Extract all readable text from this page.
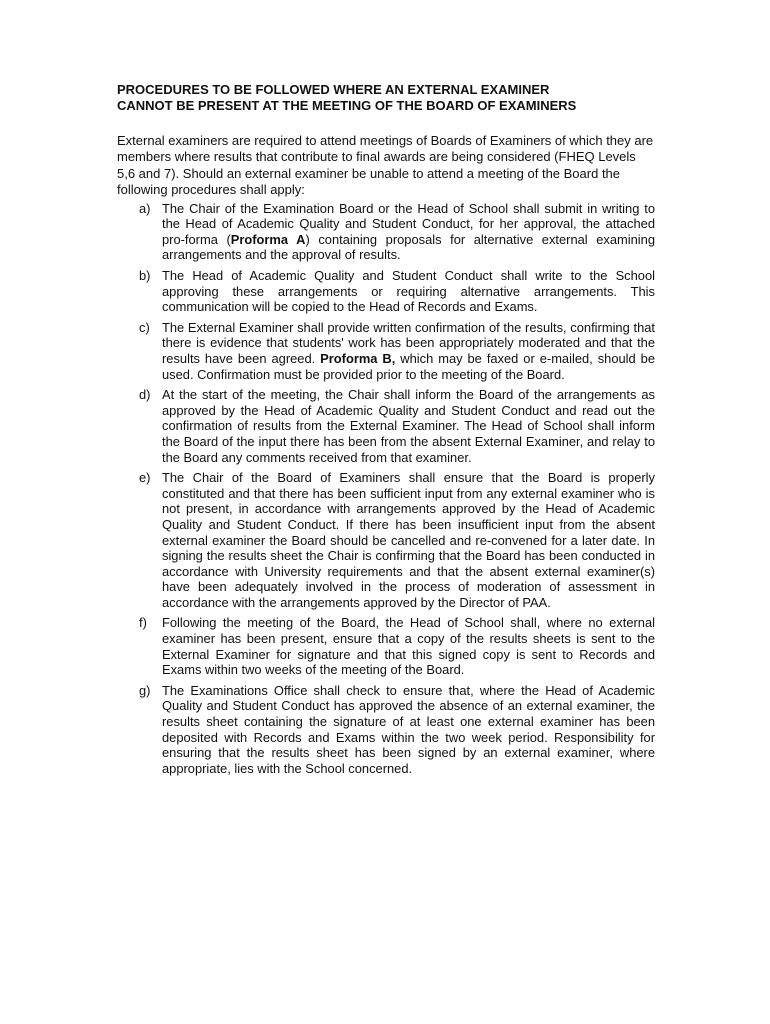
PROCEDURES TO BE FOLLOWED WHERE AN EXTERNAL EXAMINER
CANNOT BE PRESENT AT THE MEETING OF THE BOARD OF EXAMINERS

External examiners are required to attend meetings of Boards of Examiners of which they are members where results that contribute to final awards are being considered (FHEQ Levels 5,6 and 7). Should an external examiner be unable to attend a meeting of the Board the following procedures shall apply:

a) The Chair of the Examination Board or the Head of School shall submit in writing to the Head of Academic Quality and Student Conduct, for her approval, the attached pro-forma (Proforma A) containing proposals for alternative external examining arrangements and the approval of results.
b) The Head of Academic Quality and Student Conduct shall write to the School approving these arrangements or requiring alternative arrangements. This communication will be copied to the Head of Records and Exams.
c) The External Examiner shall provide written confirmation of the results, confirming that there is evidence that students' work has been appropriately moderated and that the results have been agreed. Proforma B, which may be faxed or e-mailed, should be used. Confirmation must be provided prior to the meeting of the Board.
d) At the start of the meeting, the Chair shall inform the Board of the arrangements as approved by the Head of Academic Quality and Student Conduct and read out the confirmation of results from the External Examiner. The Head of School shall inform the Board of the input there has been from the absent External Examiner, and relay to the Board any comments received from that examiner.
e) The Chair of the Board of Examiners shall ensure that the Board is properly constituted and that there has been sufficient input from any external examiner who is not present, in accordance with arrangements approved by the Head of Academic Quality and Student Conduct. If there has been insufficient input from the absent external examiner the Board should be cancelled and re-convened for a later date. In signing the results sheet the Chair is confirming that the Board has been conducted in accordance with University requirements and that the absent external examiner(s) have been adequately involved in the process of moderation of assessment in accordance with the arrangements approved by the Director of PAA.
f) Following the meeting of the Board, the Head of School shall, where no external examiner has been present, ensure that a copy of the results sheets is sent to the External Examiner for signature and that this signed copy is sent to Records and Exams within two weeks of the meeting of the Board.
g) The Examinations Office shall check to ensure that, where the Head of Academic Quality and Student Conduct has approved the absence of an external examiner, the results sheet containing the signature of at least one external examiner has been deposited with Records and Exams within the two week period. Responsibility for ensuring that the results sheet has been signed by an external examiner, where appropriate, lies with the School concerned.
